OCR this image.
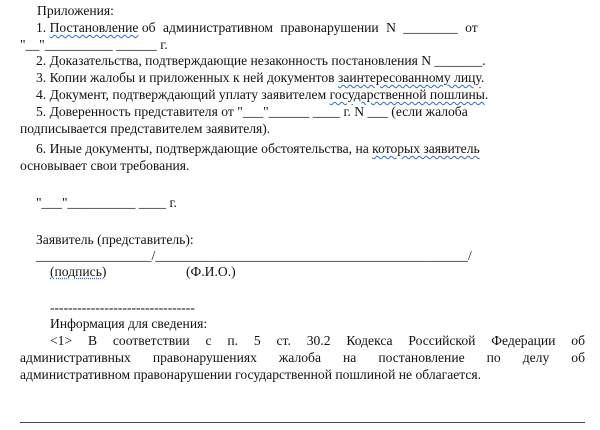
Приложения:
1. Постановление об административном правонарушении N ________ от
"__"__________ ______ г.
2. Доказательства, подтверждающие незаконность постановления N _______.
3. Копии жалобы и приложенных к ней документов заинтересованному лицу.
4. Документ, подтверждающий уплату заявителем государственной пошлины.
5. Доверенность представителя от "___"______ ____ г. N ___ (если жалоба
подписывается представителем заявителя).
6. Иные документы, подтверждающие обстоятельства, на которых заявитель
основывает свои требования.
"___"__________ ____ г.
Заявитель (представитель):
_________________/______________________________________________/
(подпись)	(Ф.И.О.)
--------------------------------
Информация для сведения:
<1> В соответствии с п. 5 ст. 30.2 Кодекса Российской Федерации об
административных правонарушениях жалоба на постановление по делу об
административном правонарушении государственной пошлиной не облагается.
